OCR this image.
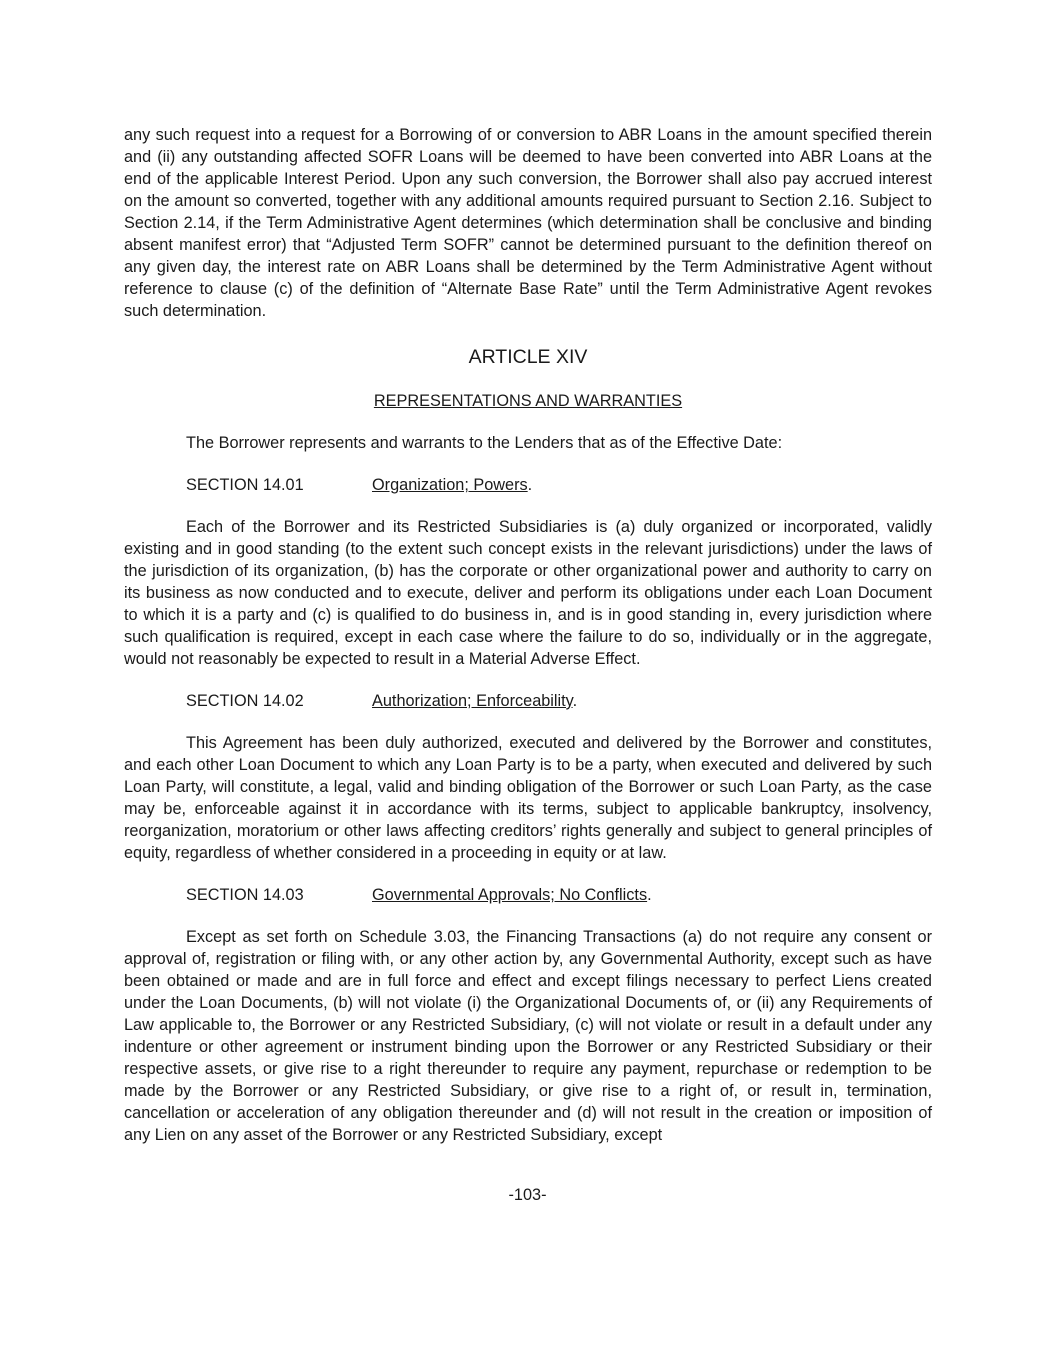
any such request into a request for a Borrowing of or conversion to ABR Loans in the amount specified therein and (ii) any outstanding affected SOFR Loans will be deemed to have been converted into ABR Loans at the end of the applicable Interest Period. Upon any such conversion, the Borrower shall also pay accrued interest on the amount so converted, together with any additional amounts required pursuant to Section 2.16. Subject to Section 2.14, if the Term Administrative Agent determines (which determination shall be conclusive and binding absent manifest error) that “Adjusted Term SOFR” cannot be determined pursuant to the definition thereof on any given day, the interest rate on ABR Loans shall be determined by the Term Administrative Agent without reference to clause (c) of the definition of “Alternate Base Rate” until the Term Administrative Agent revokes such determination.

ARTICLE XIV
REPRESENTATIONS AND WARRANTIES

The Borrower represents and warrants to the Lenders that as of the Effective Date:

SECTION 14.01	Organization; Powers.

Each of the Borrower and its Restricted Subsidiaries is (a) duly organized or incorporated, validly existing and in good standing (to the extent such concept exists in the relevant jurisdictions) under the laws of the jurisdiction of its organization, (b) has the corporate or other organizational power and authority to carry on its business as now conducted and to execute, deliver and perform its obligations under each Loan Document to which it is a party and (c) is qualified to do business in, and is in good standing in, every jurisdiction where such qualification is required, except in each case where the failure to do so, individually or in the aggregate, would not reasonably be expected to result in a Material Adverse Effect.

SECTION 14.02	Authorization; Enforceability.

This Agreement has been duly authorized, executed and delivered by the Borrower and constitutes, and each other Loan Document to which any Loan Party is to be a party, when executed and delivered by such Loan Party, will constitute, a legal, valid and binding obligation of the Borrower or such Loan Party, as the case may be, enforceable against it in accordance with its terms, subject to applicable bankruptcy, insolvency, reorganization, moratorium or other laws affecting creditors’ rights generally and subject to general principles of equity, regardless of whether considered in a proceeding in equity or at law.

SECTION 14.03	Governmental Approvals; No Conflicts.

Except as set forth on Schedule 3.03, the Financing Transactions (a) do not require any consent or approval of, registration or filing with, or any other action by, any Governmental Authority, except such as have been obtained or made and are in full force and effect and except filings necessary to perfect Liens created under the Loan Documents, (b) will not violate (i) the Organizational Documents of, or (ii) any Requirements of Law applicable to, the Borrower or any Restricted Subsidiary, (c) will not violate or result in a default under any indenture or other agreement or instrument binding upon the Borrower or any Restricted Subsidiary or their respective assets, or give rise to a right thereunder to require any payment, repurchase or redemption to be made by the Borrower or any Restricted Subsidiary, or give rise to a right of, or result in, termination, cancellation or acceleration of any obligation thereunder and (d) will not result in the creation or imposition of any Lien on any asset of the Borrower or any Restricted Subsidiary, except

-103-
